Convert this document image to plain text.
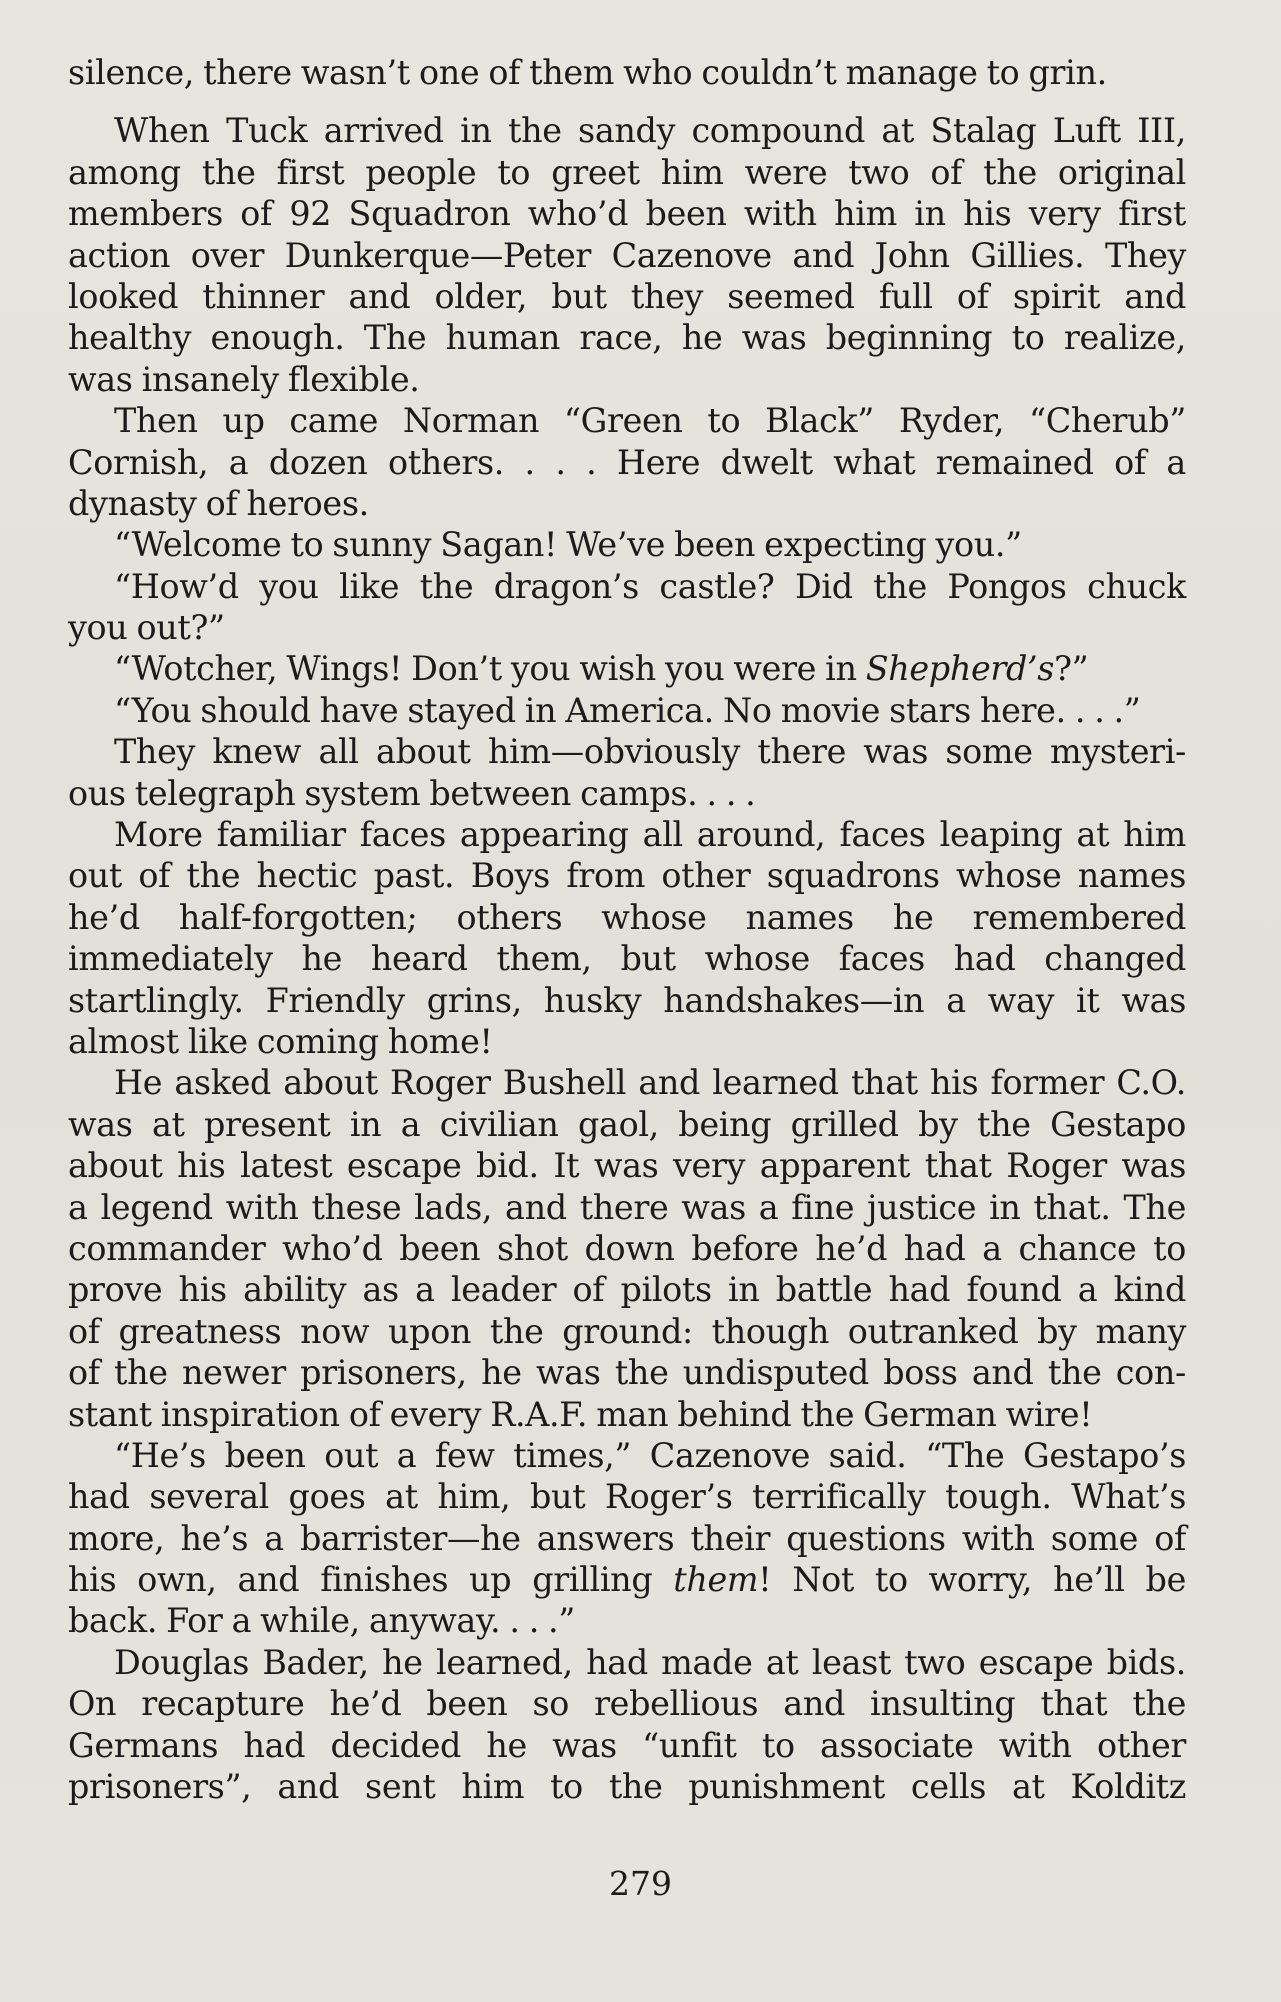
silence, there wasn’t one of them who couldn’t manage to grin.
When Tuck arrived in the sandy compound at Stalag Luft III,
among the first people to greet him were two of the original
members of 92 Squadron who’d been with him in his very first
action over Dunkerque—Peter Cazenove and John Gillies. They
looked thinner and older, but they seemed full of spirit and
healthy enough. The human race, he was beginning to realize,
was insanely flexible.
Then up came Norman “Green to Black” Ryder, “Cherub”
Cornish, a dozen others. . . . Here dwelt what remained of a
dynasty of heroes.
“Welcome to sunny Sagan! We’ve been expecting you.”
“How’d you like the dragon’s castle? Did the Pongos chuck
you out?”
“Wotcher, Wings! Don’t you wish you were in Shepherd’s?”
“You should have stayed in America. No movie stars here. . . .”
They knew all about him—obviously there was some mysteri-
ous telegraph system between camps. . . .
More familiar faces appearing all around, faces leaping at him
out of the hectic past. Boys from other squadrons whose names
he’d half-forgotten; others whose names he remembered
immediately he heard them, but whose faces had changed
startlingly. Friendly grins, husky handshakes—in a way it was
almost like coming home!
He asked about Roger Bushell and learned that his former C.O.
was at present in a civilian gaol, being grilled by the Gestapo
about his latest escape bid. It was very apparent that Roger was
a legend with these lads, and there was a fine justice in that. The
commander who’d been shot down before he’d had a chance to
prove his ability as a leader of pilots in battle had found a kind
of greatness now upon the ground: though outranked by many
of the newer prisoners, he was the undisputed boss and the con-
stant inspiration of every R.A.F. man behind the German wire!
“He’s been out a few times,” Cazenove said. “The Gestapo’s
had several goes at him, but Roger’s terrifically tough. What’s
more, he’s a barrister—he answers their questions with some of
his own, and finishes up grilling them! Not to worry, he’ll be
back. For a while, anyway. . . .”
Douglas Bader, he learned, had made at least two escape bids.
On recapture he’d been so rebellious and insulting that the
Germans had decided he was “unfit to associate with other
prisoners”, and sent him to the punishment cells at Kolditz
279
